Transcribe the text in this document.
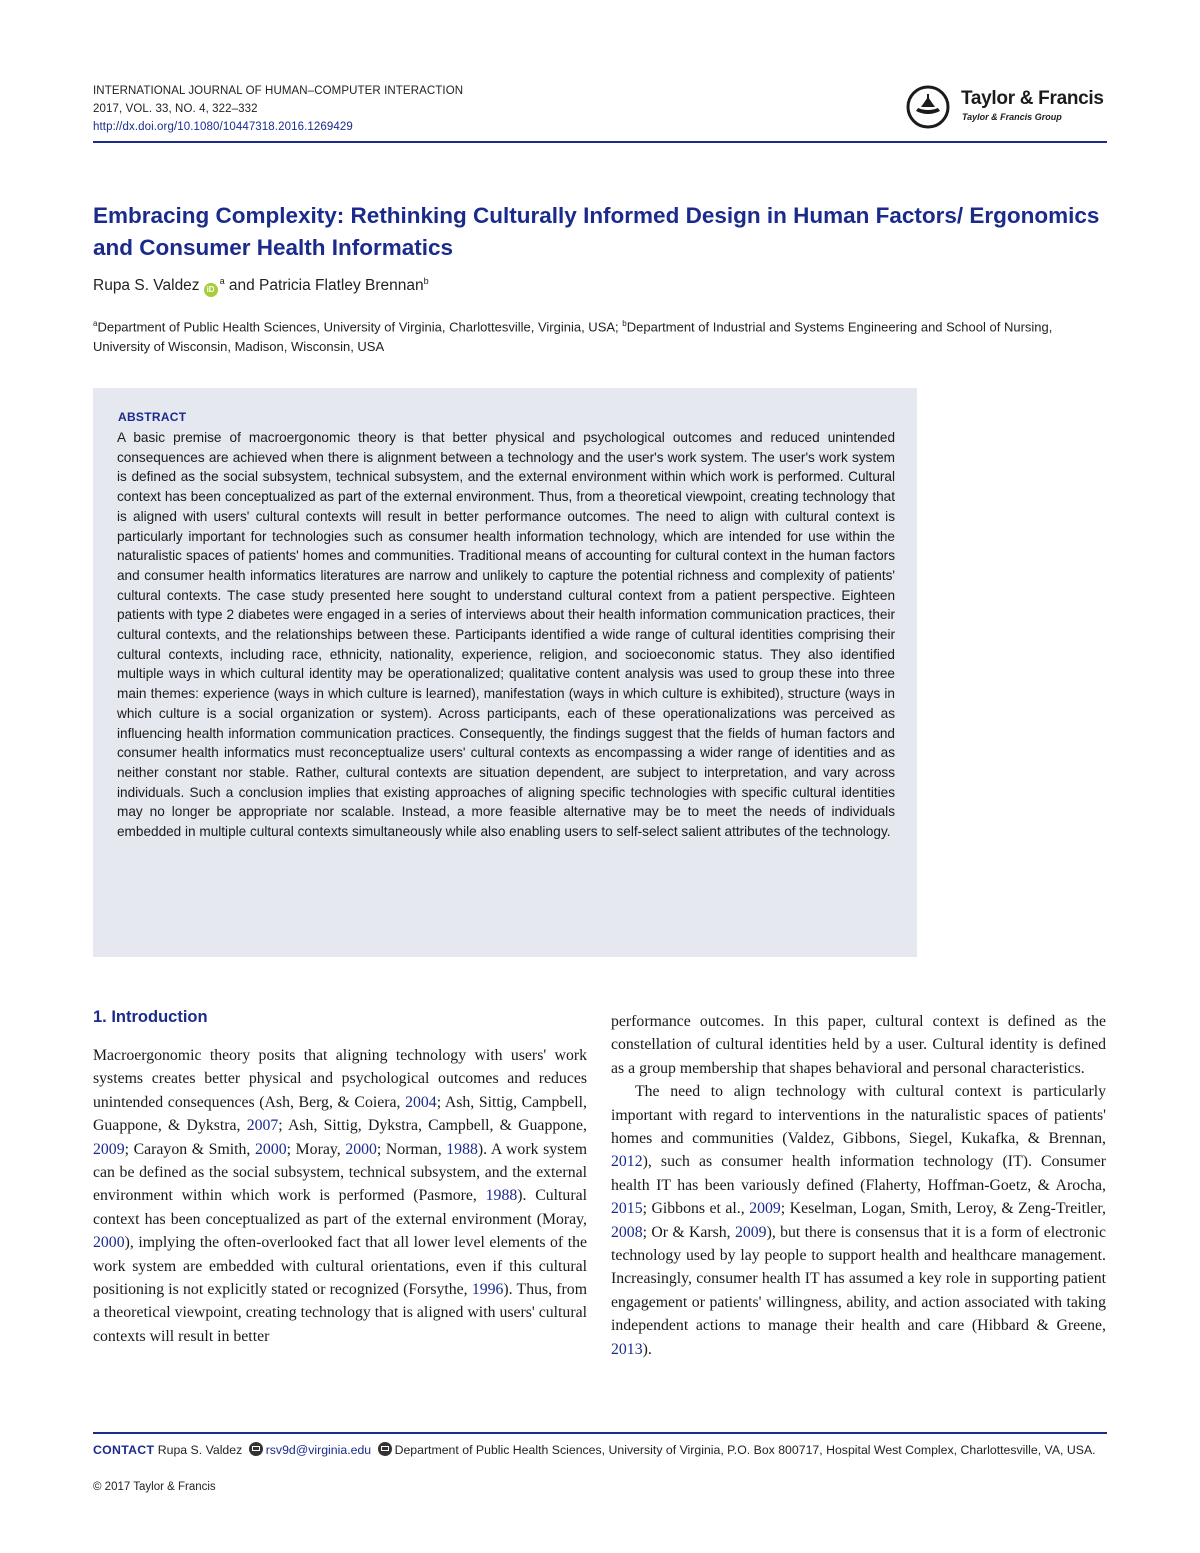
INTERNATIONAL JOURNAL OF HUMAN–COMPUTER INTERACTION
2017, VOL. 33, NO. 4, 322–332
http://dx.doi.org/10.1080/10447318.2016.1269429
Taylor & Francis
Taylor & Francis Group
Embracing Complexity: Rethinking Culturally Informed Design in Human Factors/ Ergonomics and Consumer Health Informatics
Rupa S. Valdez $iD^a$ and Patricia Flatley Brennan$^b$
$^a$Department of Public Health Sciences, University of Virginia, Charlottesville, Virginia, USA; $^b$Department of Industrial and Systems Engineering and School of Nursing, University of Wisconsin, Madison, Wisconsin, USA
ABSTRACT
A basic premise of macroergonomic theory is that better physical and psychological outcomes and reduced unintended consequences are achieved when there is alignment between a technology and the user's work system. The user's work system is defined as the social subsystem, technical subsystem, and the external environment within which work is performed. Cultural context has been conceptualized as part of the external environment. Thus, from a theoretical viewpoint, creating technology that is aligned with users' cultural contexts will result in better performance outcomes. The need to align with cultural context is particularly important for technologies such as consumer health information technology, which are intended for use within the naturalistic spaces of patients' homes and communities. Traditional means of accounting for cultural context in the human factors and consumer health informatics literatures are narrow and unlikely to capture the potential richness and complexity of patients' cultural contexts. The case study presented here sought to understand cultural context from a patient perspective. Eighteen patients with type 2 diabetes were engaged in a series of interviews about their health information communication practices, their cultural contexts, and the relationships between these. Participants identified a wide range of cultural identities comprising their cultural contexts, including race, ethnicity, nationality, experience, religion, and socioeconomic status. They also identified multiple ways in which cultural identity may be operationalized; qualitative content analysis was used to group these into three main themes: experience (ways in which culture is learned), manifestation (ways in which culture is exhibited), structure (ways in which culture is a social organization or system). Across participants, each of these operationalizations was perceived as influencing health information communication practices. Consequently, the findings suggest that the fields of human factors and consumer health informatics must reconceptualize users' cultural contexts as encompassing a wider range of identities and as neither constant nor stable. Rather, cultural contexts are situation dependent, are subject to interpretation, and vary across individuals. Such a conclusion implies that existing approaches of aligning specific technologies with specific cultural identities may no longer be appropriate nor scalable. Instead, a more feasible alternative may be to meet the needs of individuals embedded in multiple cultural contexts simultaneously while also enabling users to self-select salient attributes of the technology.
1. Introduction

Macroergonomic theory posits that aligning technology with users' work systems creates better physical and psychological outcomes and reduces unintended consequences (Ash, Berg, & Coiera, 2004; Ash, Sittig, Campbell, Guappone, & Dykstra, 2007; Ash, Sittig, Dykstra, Campbell, & Guappone, 2009; Carayon & Smith, 2000; Moray, 2000; Norman, 1988). A work system can be defined as the social subsystem, technical subsystem, and the external environment within which work is performed (Pasmore, 1988). Cultural context has been conceptualized as part of the external environment (Moray, 2000), implying the often-overlooked fact that all lower level elements of the work system are embedded with cultural orientations, even if this cultural positioning is not explicitly stated or recognized (Forsythe, 1996). Thus, from a theoretical viewpoint, creating technology that is aligned with users' cultural contexts will result in better

performance outcomes. In this paper, cultural context is defined as the constellation of cultural identities held by a user. Cultural identity is defined as a group membership that shapes behavioral and personal characteristics.

The need to align technology with cultural context is particularly important with regard to interventions in the naturalistic spaces of patients' homes and communities (Valdez, Gibbons, Siegel, Kukafka, & Brennan, 2012), such as consumer health information technology (IT). Consumer health IT has been variously defined (Flaherty, Hoffman-Goetz, & Arocha, 2015; Gibbons et al., 2009; Keselman, Logan, Smith, Leroy, & Zeng-Treitler, 2008; Or & Karsh, 2009), but there is consensus that it is a form of electronic technology used by lay people to support health and healthcare management. Increasingly, consumer health IT has assumed a key role in supporting patient engagement or patients' willingness, ability, and action associated with taking independent actions to manage their health and care (Hibbard & Greene, 2013).

CONTACT Rupa S. Valdez rsv9d@virginia.edu Department of Public Health Sciences, University of Virginia, P.O. Box 800717, Hospital West Complex, Charlottesville, VA, USA.
© 2017 Taylor & Francis
